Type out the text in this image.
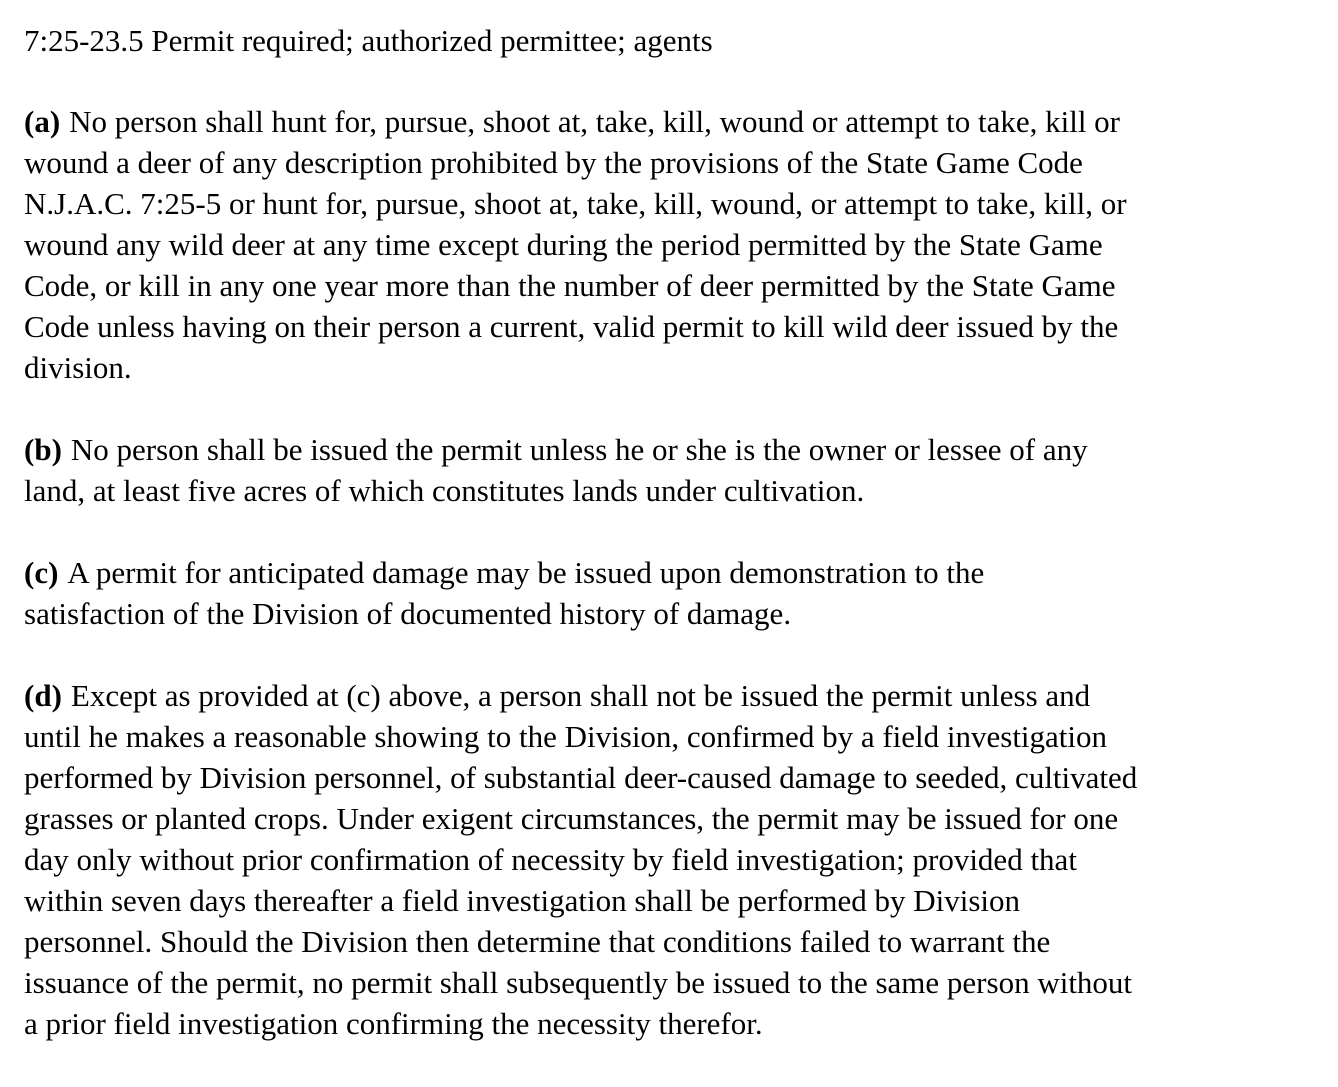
7:25-23.5 Permit required; authorized permittee; agents

(a) No person shall hunt for, pursue, shoot at, take, kill, wound or attempt to take, kill or
wound a deer of any description prohibited by the provisions of the State Game Code
N.J.A.C. 7:25-5 or hunt for, pursue, shoot at, take, kill, wound, or attempt to take, kill, or
wound any wild deer at any time except during the period permitted by the State Game
Code, or kill in any one year more than the number of deer permitted by the State Game
Code unless having on their person a current, valid permit to kill wild deer issued by the
division.

(b) No person shall be issued the permit unless he or she is the owner or lessee of any
land, at least five acres of which constitutes lands under cultivation.

(c) A permit for anticipated damage may be issued upon demonstration to the
satisfaction of the Division of documented history of damage.

(d) Except as provided at (c) above, a person shall not be issued the permit unless and
until he makes a reasonable showing to the Division, confirmed by a field investigation
performed by Division personnel, of substantial deer-caused damage to seeded, cultivated
grasses or planted crops. Under exigent circumstances, the permit may be issued for one
day only without prior confirmation of necessity by field investigation; provided that
within seven days thereafter a field investigation shall be performed by Division
personnel. Should the Division then determine that conditions failed to warrant the
issuance of the permit, no permit shall subsequently be issued to the same person without
a prior field investigation confirming the necessity therefor.
